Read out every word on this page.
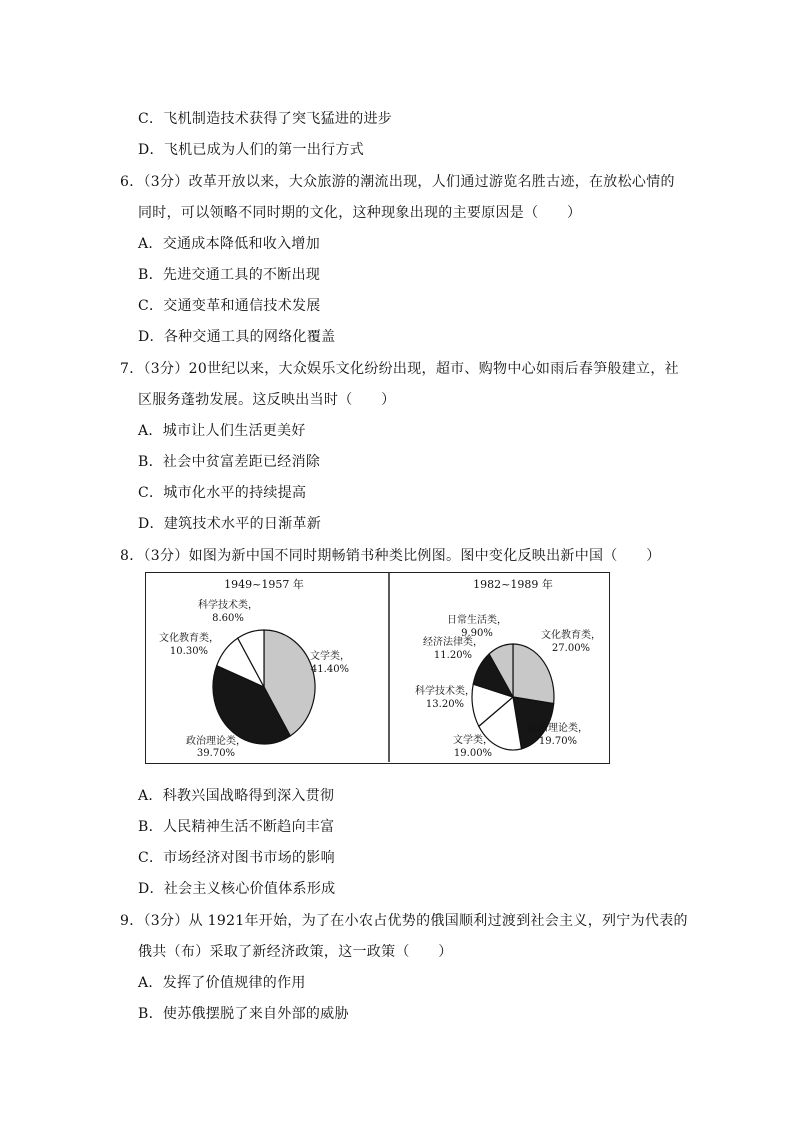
C．飞机制造技术获得了突飞猛进的进步
D．飞机已成为人们的第一出行方式
6．（3分）改革开放以来，大众旅游的潮流出现，人们通过游览名胜古迹，在放松心情的
同时，可以领略不同时期的文化，这种现象出现的主要原因是（　　）
A．交通成本降低和收入增加
B．先进交通工具的不断出现
C．交通变革和通信技术发展
D．各种交通工具的网络化覆盖
7．（3分）20世纪以来，大众娱乐文化纷纷出现，超市、购物中心如雨后春笋般建立，社
区服务蓬勃发展。这反映出当时（　　）
A．城市让人们生活更美好
B．社会中贫富差距已经消除
C．城市化水平的持续提高
D．建筑技术水平的日渐革新
8．（3分）如图为新中国不同时期畅销书种类比例图。图中变化反映出新中国（　　）
A．科教兴国战略得到深入贯彻
B．人民精神生活不断趋向丰富
C．市场经济对图书市场的影响
D．社会主义核心价值体系形成
9．（3分）从 1921年开始，为了在小农占优势的俄国顺利过渡到社会主义，列宁为代表的
俄共（布）采取了新经济政策，这一政策（　　）
A．发挥了价值规律的作用
B．使苏俄摆脱了来自外部的威胁
1949~1957 年
文学类，
41.40%
政治理论类，
39.70%
文化教育类，
10.30%
科学技术类，
8.60%
1982~1989 年
文化教育类，
27.00%
政治理论类，
19.70%
文学类，
19.00%
科学技术类，
13.20%
经济法律类，
11.20%
日常生活类，
9.90%
